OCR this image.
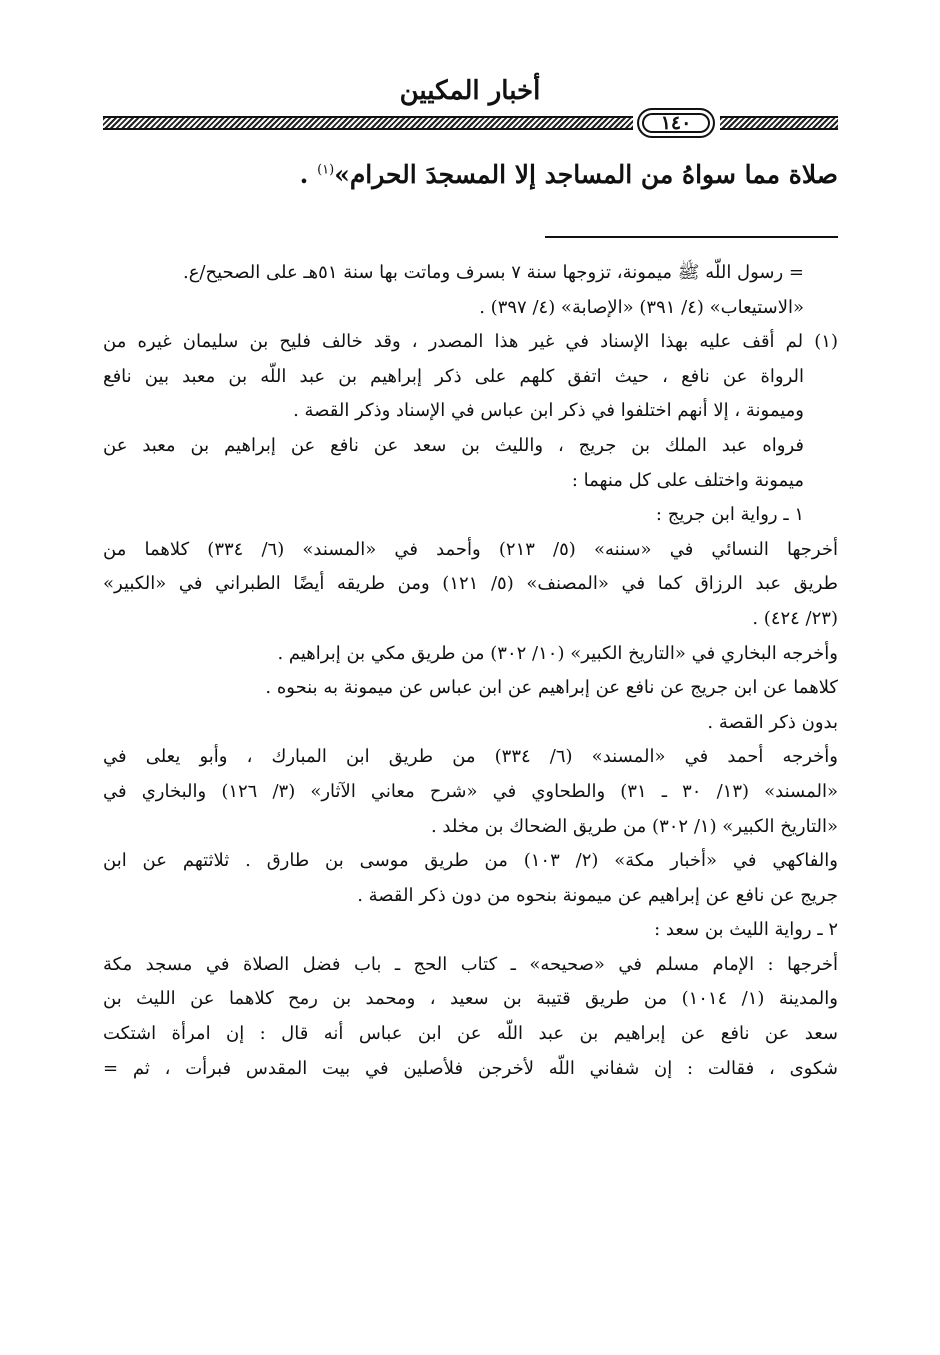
أخبار المكيين
١٤٠
صلاة مما سواهُ من المساجد إلا المسجدَ الحرام»$^{(١)}$ .
= رسول اللّه ﷺ ميمونة، تزوجها سنة ٧ بسرف وماتت بها سنة ٥١هـ على الصحيح/ع.
«الاستيعاب» (٤/ ٣٩١) «الإصابة» (٤/ ٣٩٧) .
(١) لم أقف عليه بهذا الإسناد في غير هذا المصدر ، وقد خالف فليح بن سليمان غيره من
الرواة عن نافع ، حيث اتفق كلهم على ذكر إبراهيم بن عبد اللّه بن معبد بين نافع
وميمونة ، إلا أنهم اختلفوا في ذكر ابن عباس في الإسناد وذكر القصة .
فرواه عبد الملك بن جريج ، والليث بن سعد عن نافع عن إبراهيم بن معبد عن
ميمونة واختلف على كل منهما :
١ ـ رواية ابن جريج :
أخرجها النسائي في «سننه» (٥/ ٢١٣) وأحمد في «المسند» (٦/ ٣٣٤) كلاهما من
طريق عبد الرزاق كما في «المصنف» (٥/ ١٢١) ومن طريقه أيضًا الطبراني في «الكبير»
(٢٣/ ٤٢٤) .
وأخرجه البخاري في «التاريخ الكبير» (١٠/ ٣٠٢) من طريق مكي بن إبراهيم .
كلاهما عن ابن جريج عن نافع عن إبراهيم عن ابن عباس عن ميمونة به بنحوه .
بدون ذكر القصة .
وأخرجه أحمد في «المسند» (٦/ ٣٣٤) من طريق ابن المبارك ، وأبو يعلى في
«المسند» (١٣/ ٣٠ ـ ٣١) والطحاوي في «شرح معاني الآثار» (٣/ ١٢٦) والبخاري في
«التاريخ الكبير» (١/ ٣٠٢) من طريق الضحاك بن مخلد .
والفاكهي في «أخبار مكة» (٢/ ١٠٣) من طريق موسى بن طارق . ثلاثتهم عن ابن
جريج عن نافع عن إبراهيم عن ميمونة بنحوه من دون ذكر القصة .
٢ ـ رواية الليث بن سعد :
أخرجها : الإمام مسلم في «صحيحه» ـ كتاب الحج ـ باب فضل الصلاة في مسجد مكة
والمدينة (١/ ١٠١٤) من طريق قتيبة بن سعيد ، ومحمد بن رمح كلاهما عن الليث بن
سعد عن نافع عن إبراهيم بن عبد اللّه عن ابن عباس أنه قال : إن امرأة اشتكت
شكوى ، فقالت : إن شفاني اللّه لأخرجن فلأصلين في بيت المقدس فبرأت ، ثم =
